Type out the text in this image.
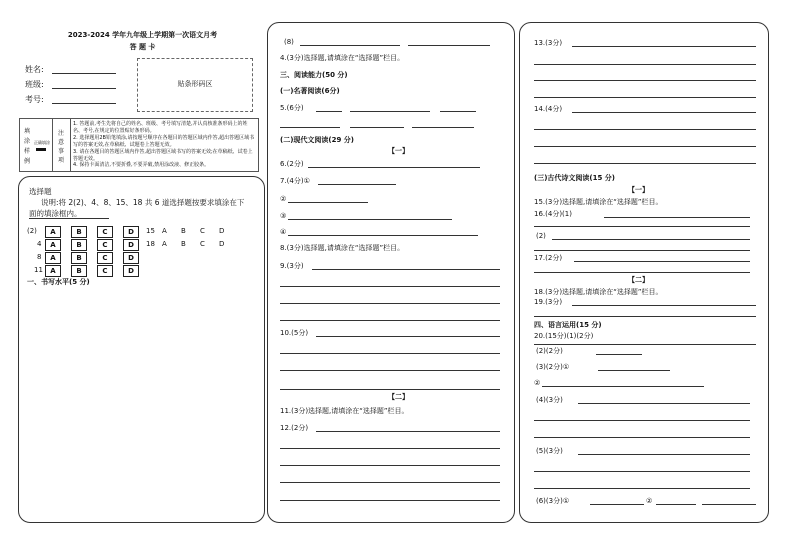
2023-2024 学年九年级上学期第一次语文月考
答 题 卡
姓名:
班级:
考号:
贴条形码区
填
涂
样
例
正确填涂
注
意
事
项
1. 答题前,考生先将自己的姓名、班级、考号填写清楚,并认真核准条形码上的姓名、考号,在规定的位置贴好条形码。
2. 选择题用2B铅笔填涂,请按题号顺序在各题目的答题区域内作答,超出答题区域书写的答案无效,在草稿纸、试题卷上答题无效。
3. 请在各题目的答题区域内作答,超出答题区域书写的答案无效;在草稿纸、试卷上答题无效。
4. 保持卡面清洁,不要折叠,不要弄破,禁用涂改液、修正胶条。
选择题
说明:将 2(2)、4、8、15、18 共 6 道选择题按要求填涂在下
面的填涂框内。
(2)	A	B	C	D
4	A	B	C	D
8	A	B	C	D
11	A	B	C	D
15 A B C D
18 A B C D
一、书写水平(5 分)
(8)
4.(3分)选择题,请填涂在“选择题”栏目。
三、阅读能力(50 分)
(一)名著阅读(6分)
5.(6分)
(二)现代文阅读(29 分)
【一】
6.(2分)
7.(4分)①
②
③
④
8.(3分)选择题,请填涂在“选择题”栏目。
9.(3分)
10.(5分)
【二】
11.(3分)选择题,请填涂在“选择题”栏目。
12.(2分)
13.(3分)
14.(4分)
(三)古代诗文阅读(15 分)
【一】
15.(3分)选择题,请填涂在“选择题”栏目。
16.(4分)(1)
(2)
17.(2分)
【二】
18.(3分)选择题,请填涂在“选择题”栏目。
19.(3分)
四、语言运用(15 分)
20.(15分)(1)(2分)
(2)(2分)
(3)(2分)①
②
(4)(3分)
(5)(3分)
(6)(3分)①	②
